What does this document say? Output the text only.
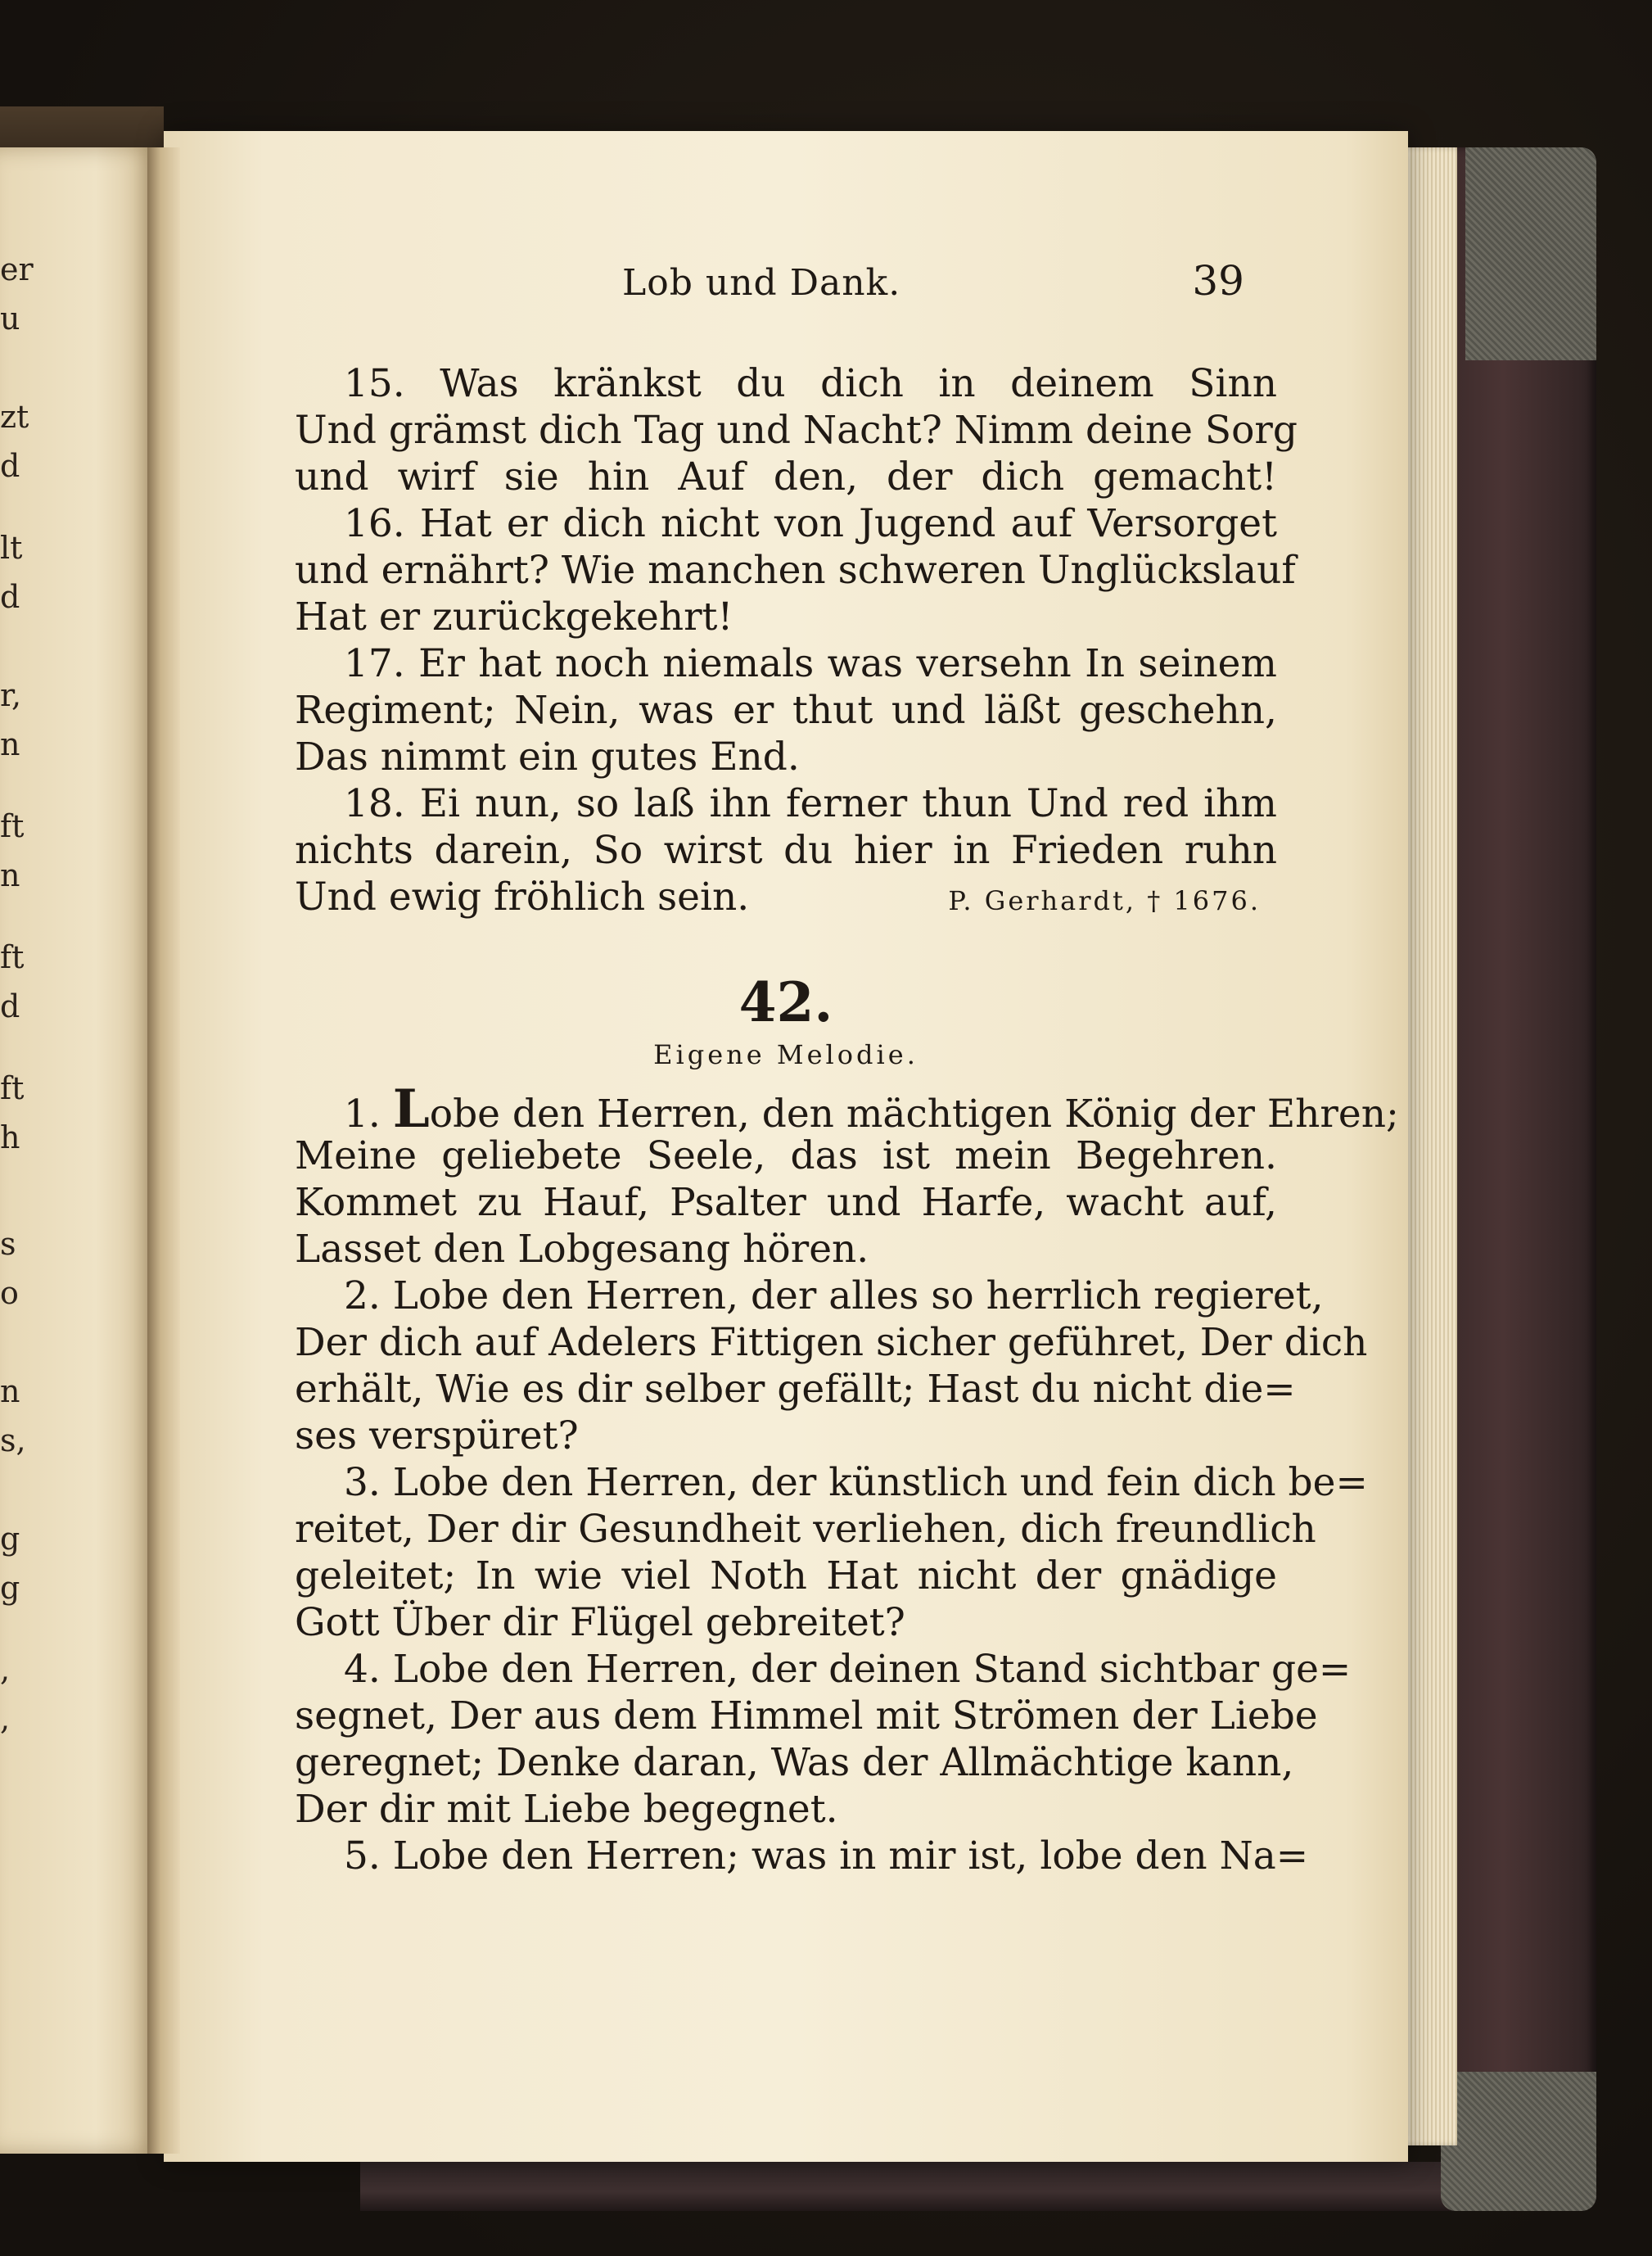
er
u
zt
d
lt
d
r,
n
ft
n
ft
d
ft
h
s
o
n
s,
g
g
,
,
Lob und Dank.	39
15. Was kränkst du dich in deinem Sinn
Und grämst dich Tag und Nacht? Nimm deine Sorg
und wirf sie hin Auf den, der dich gemacht!
16. Hat er dich nicht von Jugend auf Versorget
und ernährt? Wie manchen schweren Unglückslauf
Hat er zurückgekehrt!
17. Er hat noch niemals was versehn In seinem
Regiment; Nein, was er thut und läßt geschehn,
Das nimmt ein gutes End.
18. Ei nun, so laß ihn ferner thun Und red ihm
nichts darein, So wirst du hier in Frieden ruhn
Und ewig fröhlich sein.	P. Gerhardt, † 1676.
42.
Eigene Melodie.
1. Lobe den Herren, den mächtigen König der Ehren;
Meine geliebete Seele, das ist mein Begehren.
Kommet zu Hauf, Psalter und Harfe, wacht auf,
Lasset den Lobgesang hören.
2. Lobe den Herren, der alles so herrlich regieret,
Der dich auf Adelers Fittigen sicher geführet, Der dich
erhält, Wie es dir selber gefällt; Hast du nicht die=
ses verspüret?
3. Lobe den Herren, der künstlich und fein dich be=
reitet, Der dir Gesundheit verliehen, dich freundlich
geleitet; In wie viel Noth Hat nicht der gnädige
Gott Über dir Flügel gebreitet?
4. Lobe den Herren, der deinen Stand sichtbar ge=
segnet, Der aus dem Himmel mit Strömen der Liebe
geregnet; Denke daran, Was der Allmächtige kann,
Der dir mit Liebe begegnet.
5. Lobe den Herren; was in mir ist, lobe den Na=
